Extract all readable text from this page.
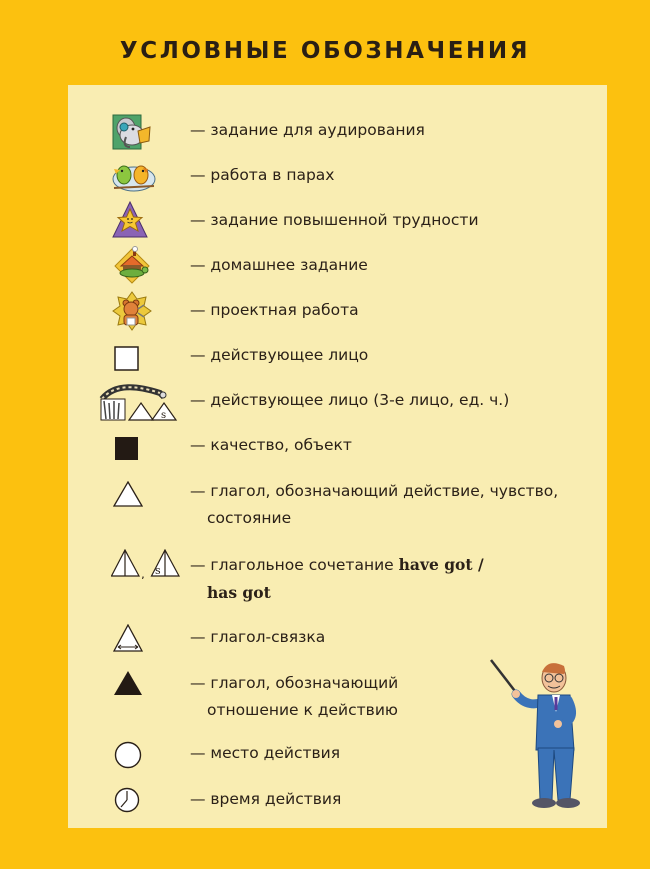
УСЛОВНЫЕ ОБОЗНАЧЕНИЯ
— задание для аудирования
— работа в парах
— задание повышенной трудности
— домашнее задание
— проектная работа
— действующее лицо
s
— действующее лицо (3-е лицо, ед. ч.)
— качество, объект
— глагол, обозначающий действие, чувство,
состояние
, s — глагольное сочетание have got /
has got
— глагол-связка
— глагол, обозначающий
отношение к действию
— место действия
— время действия
